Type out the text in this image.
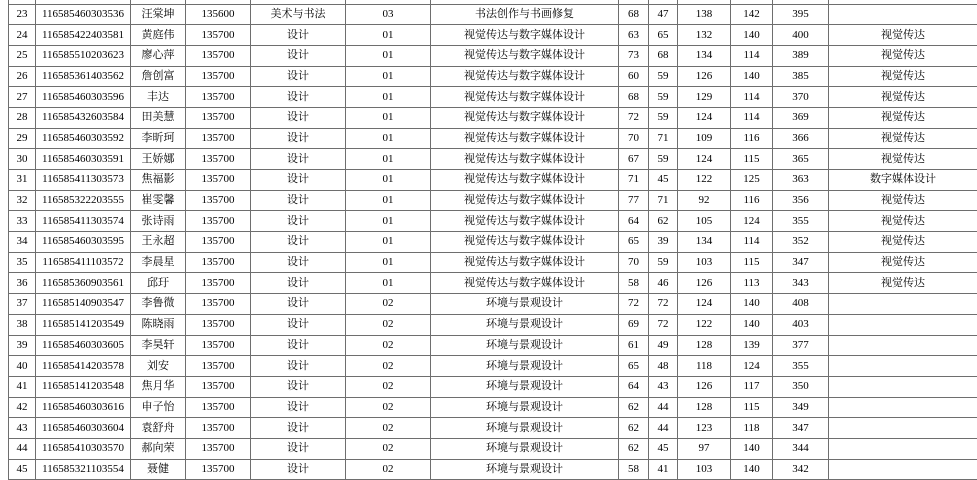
23	116585460303536	汪棠坤	135600	美术与书法	03	书法创作与书画修复	68	47	138	142	395	
24	116585422403581	黄庭伟	135700	设计	01	视觉传达与数字媒体设计	63	65	132	140	400	视觉传达
25	116585510203623	廖心萍	135700	设计	01	视觉传达与数字媒体设计	73	68	134	114	389	视觉传达
26	116585361403562	詹创富	135700	设计	01	视觉传达与数字媒体设计	60	59	126	140	385	视觉传达
27	116585460303596	丰达	135700	设计	01	视觉传达与数字媒体设计	68	59	129	114	370	视觉传达
28	116585432603584	田美慧	135700	设计	01	视觉传达与数字媒体设计	72	59	124	114	369	视觉传达
29	116585460303592	李昕珂	135700	设计	01	视觉传达与数字媒体设计	70	71	109	116	366	视觉传达
30	116585460303591	王娇娜	135700	设计	01	视觉传达与数字媒体设计	67	59	124	115	365	视觉传达
31	116585411303573	焦福影	135700	设计	01	视觉传达与数字媒体设计	71	45	122	125	363	数字媒体设计
32	116585322203555	崔雯馨	135700	设计	01	视觉传达与数字媒体设计	77	71	92	116	356	视觉传达
33	116585411303574	张诗雨	135700	设计	01	视觉传达与数字媒体设计	64	62	105	124	355	视觉传达
34	116585460303595	王永超	135700	设计	01	视觉传达与数字媒体设计	65	39	134	114	352	视觉传达
35	116585411103572	李晨星	135700	设计	01	视觉传达与数字媒体设计	70	59	103	115	347	视觉传达
36	116585360903561	邱玗	135700	设计	01	视觉传达与数字媒体设计	58	46	126	113	343	视觉传达
37	116585140903547	李鲁微	135700	设计	02	环境与景观设计	72	72	124	140	408	
38	116585141203549	陈晓雨	135700	设计	02	环境与景观设计	69	72	122	140	403	
39	116585460303605	李昊轩	135700	设计	02	环境与景观设计	61	49	128	139	377	
40	116585414203578	刘安	135700	设计	02	环境与景观设计	65	48	118	124	355	
41	116585141203548	焦月华	135700	设计	02	环境与景观设计	64	43	126	117	350	
42	116585460303616	申子怡	135700	设计	02	环境与景观设计	62	44	128	115	349	
43	116585460303604	袁舒舟	135700	设计	02	环境与景观设计	62	44	123	118	347	
44	116585410303570	郝向荣	135700	设计	02	环境与景观设计	62	45	97	140	344	
45	116585321103554	聂健	135700	设计	02	环境与景观设计	58	41	103	140	342	
